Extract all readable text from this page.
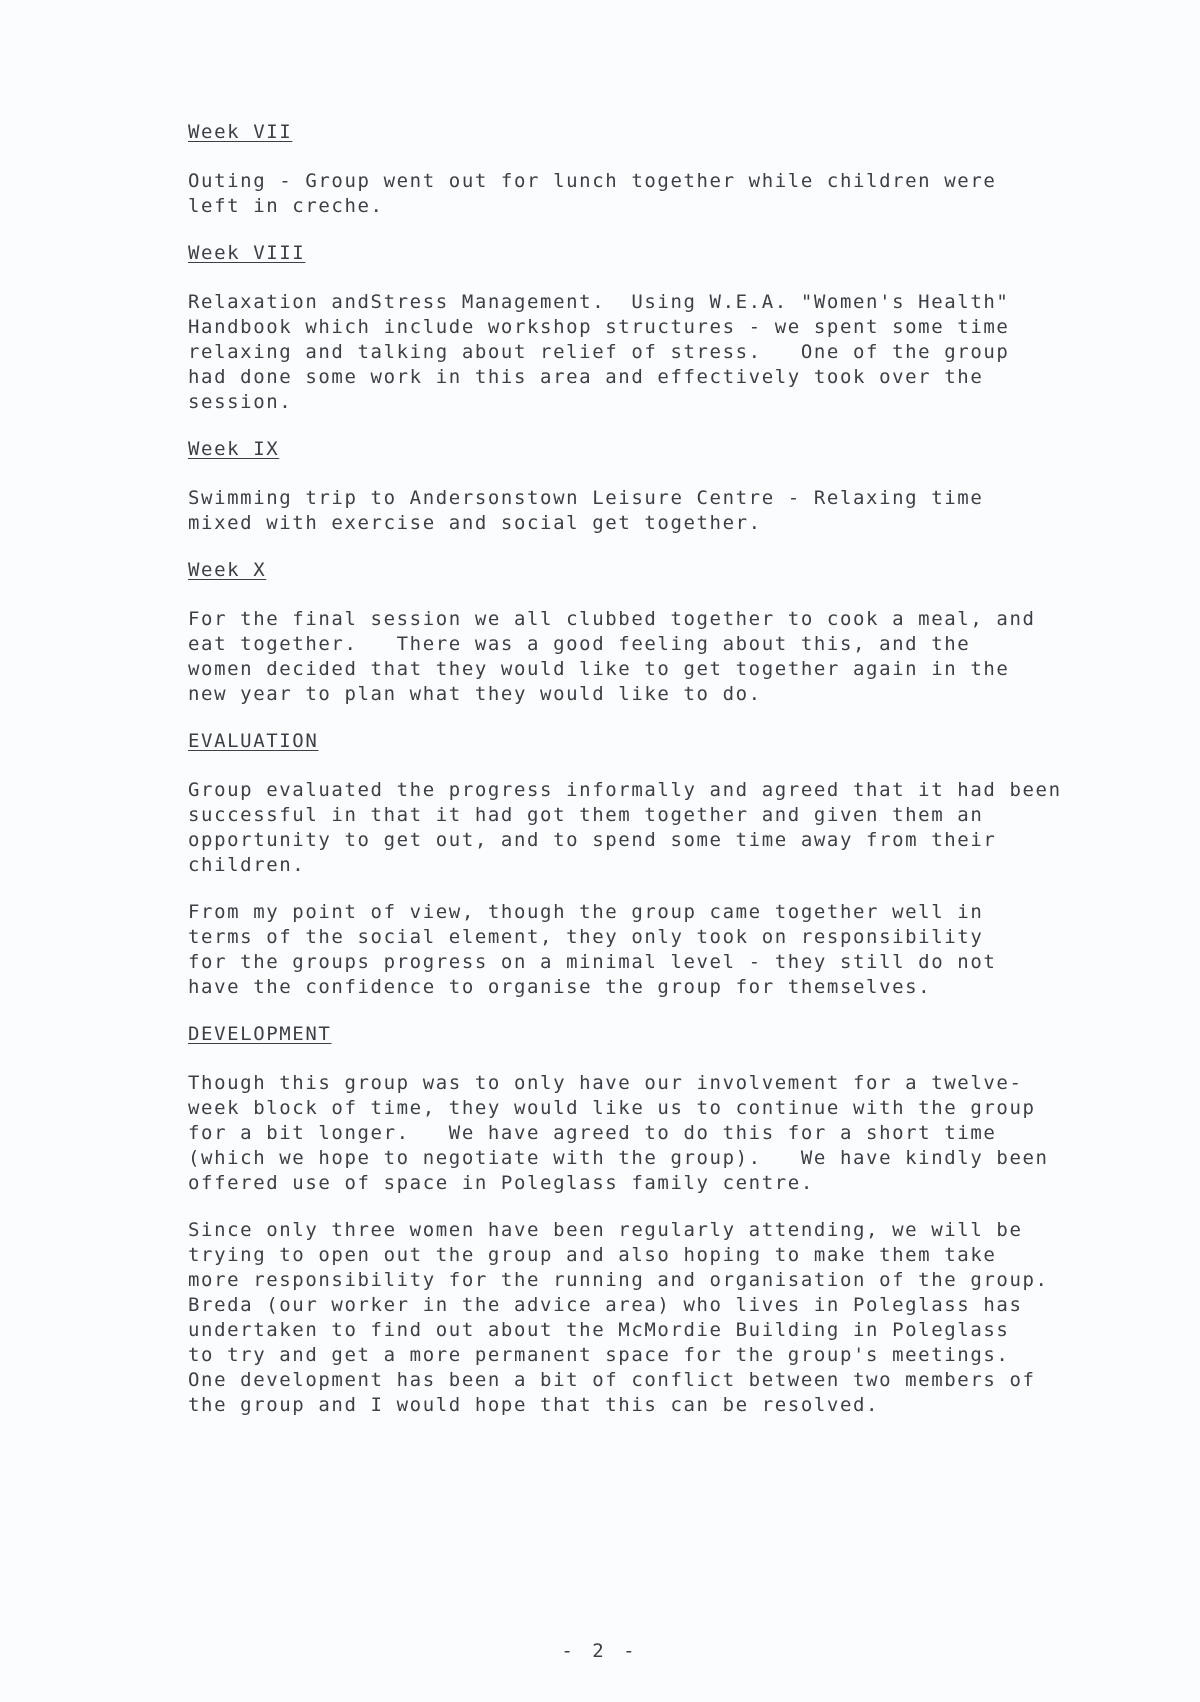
Week VII
Outing - Group went out for lunch together while children were
left in creche.
Week VIII
Relaxation andStress Management.  Using W.E.A. "Women's Health"
Handbook which include workshop structures - we spent some time
relaxing and talking about relief of stress.   One of the group
had done some work in this area and effectively took over the
session.
Week IX
Swimming trip to Andersonstown Leisure Centre - Relaxing time
mixed with exercise and social get together.
Week X
For the final session we all clubbed together to cook a meal, and
eat together.   There was a good feeling about this, and the
women decided that they would like to get together again in the
new year to plan what they would like to do.
EVALUATION
Group evaluated the progress informally and agreed that it had been
successful in that it had got them together and given them an
opportunity to get out, and to spend some time away from their
children.
From my point of view, though the group came together well in
terms of the social element, they only took on responsibility
for the groups progress on a minimal level - they still do not
have the confidence to organise the group for themselves.
DEVELOPMENT
Though this group was to only have our involvement for a twelve-
week block of time, they would like us to continue with the group
for a bit longer.   We have agreed to do this for a short time
(which we hope to negotiate with the group).   We have kindly been
offered use of space in Poleglass family centre.
Since only three women have been regularly attending, we will be
trying to open out the group and also hoping to make them take
more responsibility for the running and organisation of the group.
Breda (our worker in the advice area) who lives in Poleglass has
undertaken to find out about the McMordie Building in Poleglass
to try and get a more permanent space for the group's meetings.
One development has been a bit of conflict between two members of
the group and I would hope that this can be resolved.
- 2 -
